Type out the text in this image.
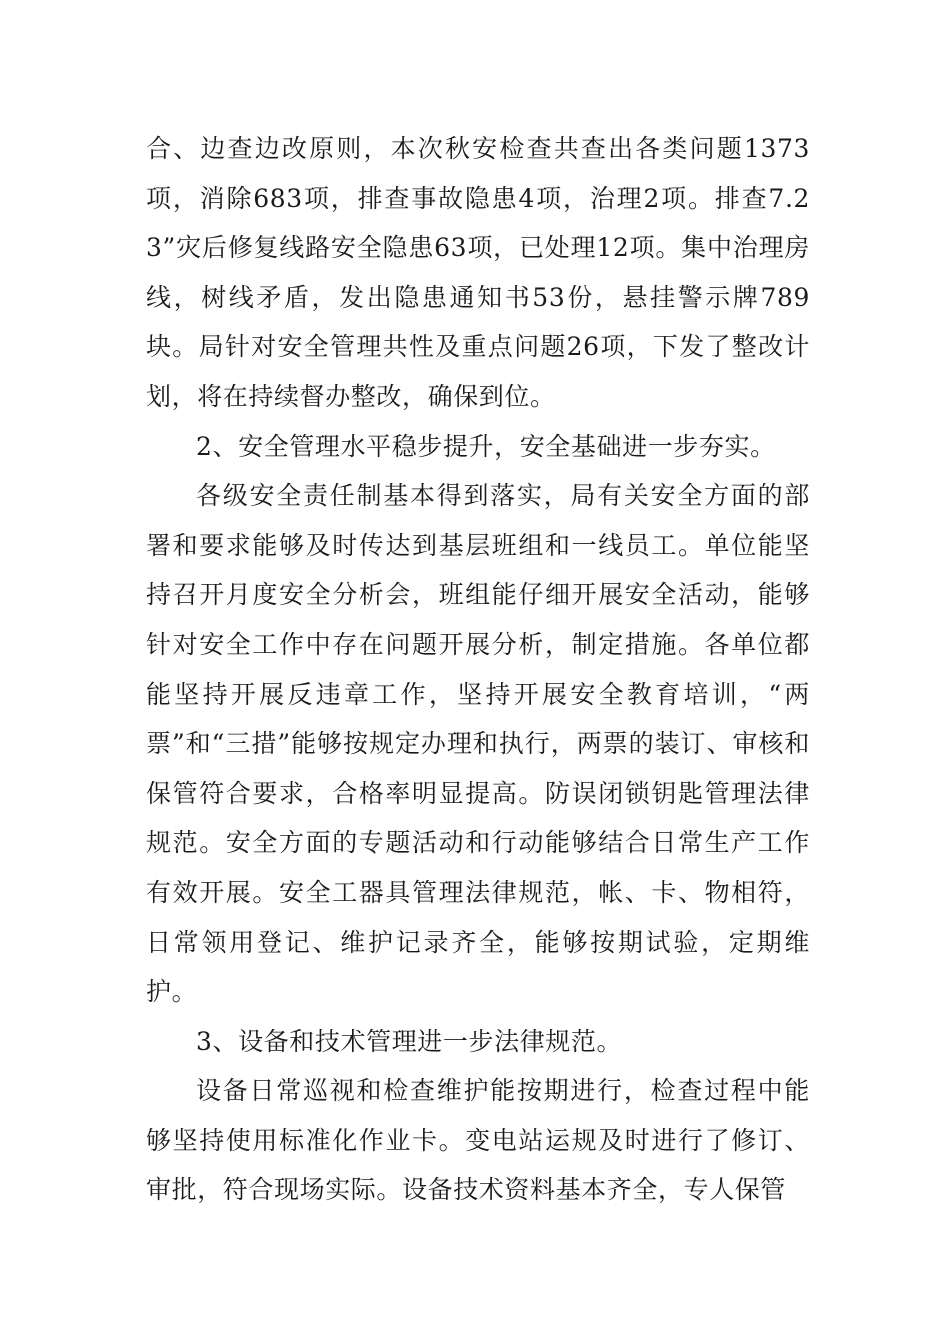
合、边查边改原则，本次秋安检查共查出各类问题1373项，消除683项，排查事故隐患4项，治理2项。排查7.23”灾后修复线路安全隐患63项，已处理12项。集中治理房线，树线矛盾，发出隐患通知书53份，悬挂警示牌789块。局针对安全管理共性及重点问题26项，下发了整改计划，将在持续督办整改，确保到位。

2、安全管理水平稳步提升，安全基础进一步夯实。

各级安全责任制基本得到落实，局有关安全方面的部署和要求能够及时传达到基层班组和一线员工。单位能坚持召开月度安全分析会，班组能仔细开展安全活动，能够针对安全工作中存在问题开展分析，制定措施。各单位都能坚持开展反违章工作，坚持开展安全教育培训，“两票”和“三措”能够按规定办理和执行，两票的装订、审核和保管符合要求，合格率明显提高。防误闭锁钥匙管理法律规范。安全方面的专题活动和行动能够结合日常生产工作有效开展。安全工器具管理法律规范，帐、卡、物相符，日常领用登记、维护记录齐全，能够按期试验，定期维护。

3、设备和技术管理进一步法律规范。

设备日常巡视和检查维护能按期进行，检查过程中能够坚持使用标准化作业卡。变电站运规及时进行了修订、审批，符合现场实际。设备技术资料基本齐全，专人保管
